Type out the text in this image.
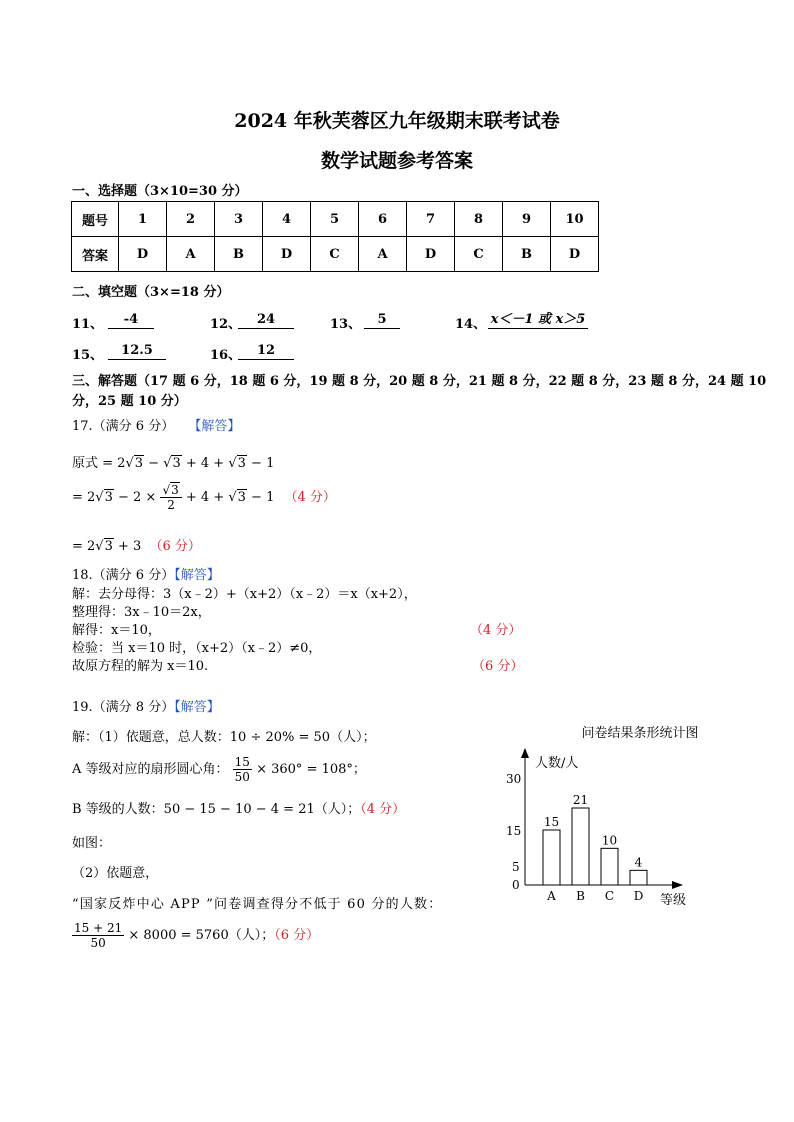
2024 年秋芙蓉区九年级期末联考试卷
数学试题参考答案
一、选择题（3×10=30 分）
题号	1	2	3	4	5	6	7	8	9	10
答案	D	A	B	D	C	A	D	C	B	D
二、填空题（3×=18 分）
11、	-4	12、	24	13、	5	14、 x＜－1 或 x＞5
15、	12.5	16、	12
三、解答题（17 题 6 分，18 题 6 分，19 题 8 分，20 题 8 分，21 题 8 分，22 题 8 分，23 题 8 分，24 题 10
分，25 题 10 分）
17.（满分 6 分） 【解答】
原式 = 2√3 − √3 + 4 + √3 − 1
= $2√3 - 2 \times \frac{√3}{2} + 4 + √3 - 1$ （4 分）
= 2√3 + 3 （6 分）
18.（满分 6 分）【解答】
解：去分母得：3（x﹣2）+（x+2）（x﹣2）＝x（x+2），
整理得：3x﹣10＝2x，
解得：x＝10，	（4 分）
检验：当 x＝10 时，（x+2）（x﹣2）≠0，
故原方程的解为 x＝10.	（6 分）
19.（满分 8 分）【解答】
解：（1）依题意，总人数：10 ÷ 20% = 50（人）；
A 等级对应的扇形圆心角： $\frac{15}{50} \times 360^\circ = 108^\circ$；
B 等级的人数：50 − 15 − 10 − 4 = 21（人）；（4 分）
如图：
（2）依题意，
“国家反炸中心 APP ”问卷调查得分不低于 60 分的人数：
$\frac{15 + 21}{50} \times 8000 = 5760$（人）；（6 分）
问卷结果条形统计图
人数/人
等级
30
15
5
0
15
A
21
B
10
C
4
D
